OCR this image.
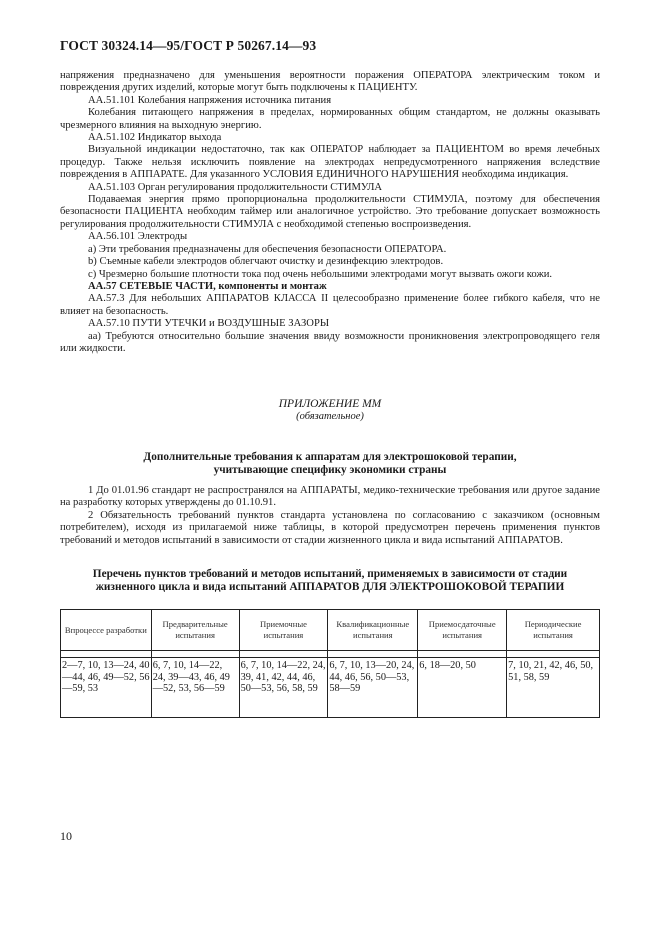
ГОСТ 30324.14—95/ГОСТ Р 50267.14—93

напряжения предназначено для уменьшения вероятности поражения ОПЕРАТОРА электрическим током и повреждения других изделий, которые могут быть подключены к ПАЦИЕНТУ.

АА.51.101 Колебания напряжения источника питания

Колебания питающего напряжения в пределах, нормированных общим стандартом, не должны оказывать чрезмерного влияния на выходную энергию.

АА.51.102 Индикатор выхода

Визуальной индикации недостаточно, так как ОПЕРАТОР наблюдает за ПАЦИЕНТОМ во время лечебных процедур. Также нельзя исключить появление на электродах непредусмотренного напряжения вследствие повреждения в АППАРАТЕ. Для указанного УСЛОВИЯ ЕДИНИЧНОГО НАРУШЕНИЯ необходима индикация.

АА.51.103 Орган регулирования продолжительности СТИМУЛА

Подаваемая энергия прямо пропорциональна продолжительности СТИМУЛА, поэтому для обеспечения безопасности ПАЦИЕНТА необходим таймер или аналогичное устройство. Это требование допускает возможность регулирования продолжительности СТИМУЛА с необходимой степенью воспроизведения.

АА.56.101 Электроды

a) Эти требования предназначены для обеспечения безопасности ОПЕРАТОРА.

b) Съемные кабели электродов облегчают очистку и дезинфекцию электродов.

c) Чрезмерно большие плотности тока под очень небольшими электродами могут вызвать ожоги кожи.

АА.57 СЕТЕВЫЕ ЧАСТИ, компоненты и монтаж

АА.57.3 Для небольших АППАРАТОВ КЛАССА II целесообразно применение более гибкого кабеля, что не влияет на безопасность.

АА.57.10 ПУТИ УТЕЧКИ и ВОЗДУШНЫЕ ЗАЗОРЫ

аа) Требуются относительно большие значения ввиду возможности проникновения электропроводящего геля или жидкости.

ПРИЛОЖЕНИЕ ММ
(обязательное)
Дополнительные требования к аппаратам для электрошоковой терапии,
учитывающие специфику экономики страны

1 До 01.01.96 стандарт не распространялся на АППАРАТЫ, медико-технические требования или другое задание на разработку которых утверждены до 01.10.91.

2 Обязательность требований пунктов стандарта установлена по согласованию с заказчиком (основным потребителем), исходя из прилагаемой ниже таблицы, в которой предусмотрен перечень применения пунктов требований и методов испытаний в зависимости от стадии жизненного цикла и вида испытаний АППАРАТОВ.

Перечень пунктов требований и методов испытаний, применяемых в зависимости от стадии
жизненного цикла и вида испытаний АППАРАТОВ ДЛЯ ЭЛЕКТРОШОКОВОЙ ТЕРАПИИ
Впроцессе разработки	Предварительные испытания	Приемочные испытания	Квалификационные испытания	Приемосдаточные испытания	Периодические испытания

2—7, 10, 13—24, 40—44, 46, 49—52, 56—59, 53	6, 7, 10, 14—22, 24, 39—43, 46, 49—52, 53, 56—59	6, 7, 10, 14—22, 24, 39, 41, 42, 44, 46, 50—53, 56, 58, 59	6, 7, 10, 13—20, 24, 44, 46, 56, 50—53, 58—59	6, 18—20, 50	7, 10, 21, 42, 46, 50, 51, 58, 59
10
